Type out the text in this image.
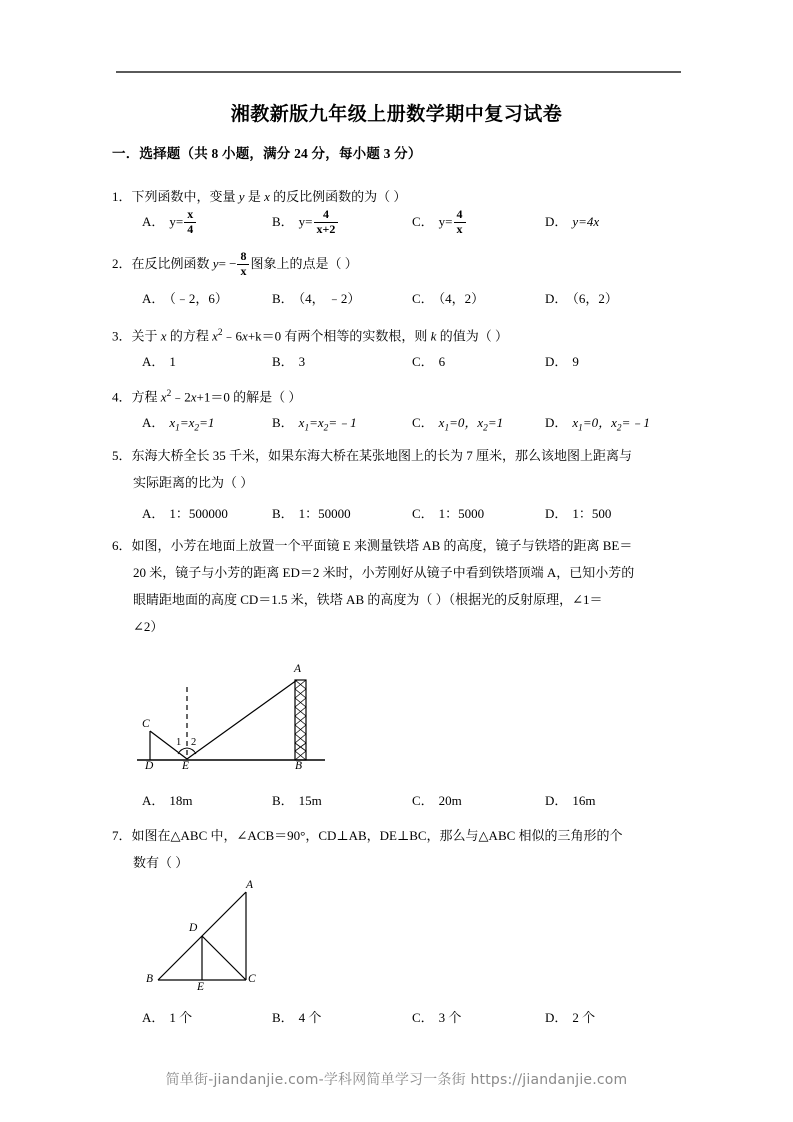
湘教新版九年级上册数学期中复习试卷
一．选择题（共 8 小题，满分 24 分，每小题 3 分）
1．下列函数中，变量 y 是 x 的反比例函数的为（ ）
A． $y= \frac{x}{4}$	B． $y= \frac{4}{x+2}$	C． $y= \frac{4}{x}$	D． y=4x
2．在反比例函数 $y= - \frac{8}{x}$ 图象上的点是（ ）
A． （﹣2，6）	B． （4， ﹣2）	C． （4，2）	D． （6，2）
3．关于 x 的方程 $x^2﹣6x+k=0$ 有两个相等的实数根，则 k 的值为（ ）
A． 1	B． 3	C． 6	D． 9
4．方程 $x^2﹣2x+1=0$ 的解是（ ）
A． $x_1=x_2=1$	B． $x_1=x_2=﹣1$	C． $x_1=0$，$x_2=1$	D． $x_1=0$，$x_2=﹣1$
5．东海大桥全长 35 千米，如果东海大桥在某张地图上的长为 7 厘米，那么该地图上距离与
实际距离的比为（ ）
A． 1：500000	B． 1：50000	C． 1：5000	D． 1：500
6．如图，小芳在地面上放置一个平面镜 E 来测量铁塔 AB 的高度，镜子与铁塔的距离 BE＝
20 米，镜子与小芳的距离 ED＝2 米时，小芳刚好从镜子中看到铁塔顶端 A，已知小芳的
眼睛距地面的高度 CD＝1.5 米，铁塔 AB 的高度为（ ）（根据光的反射原理，∠1＝
∠2）
C
D E	B
A
1 2
A． 18m	B． 15m	C． 20m	D． 16m
7．如图在△ABC 中，∠ACB＝90°，CD⊥AB，DE⊥BC，那么与△ABC 相似的三角形的个
数有（ ）
A
B	C
D
E
A． 1 个	B． 4 个	C． 3 个	D． 2 个
简单街-jiandanjie.com-学科网简单学习一条街 https://jiandanjie.com
